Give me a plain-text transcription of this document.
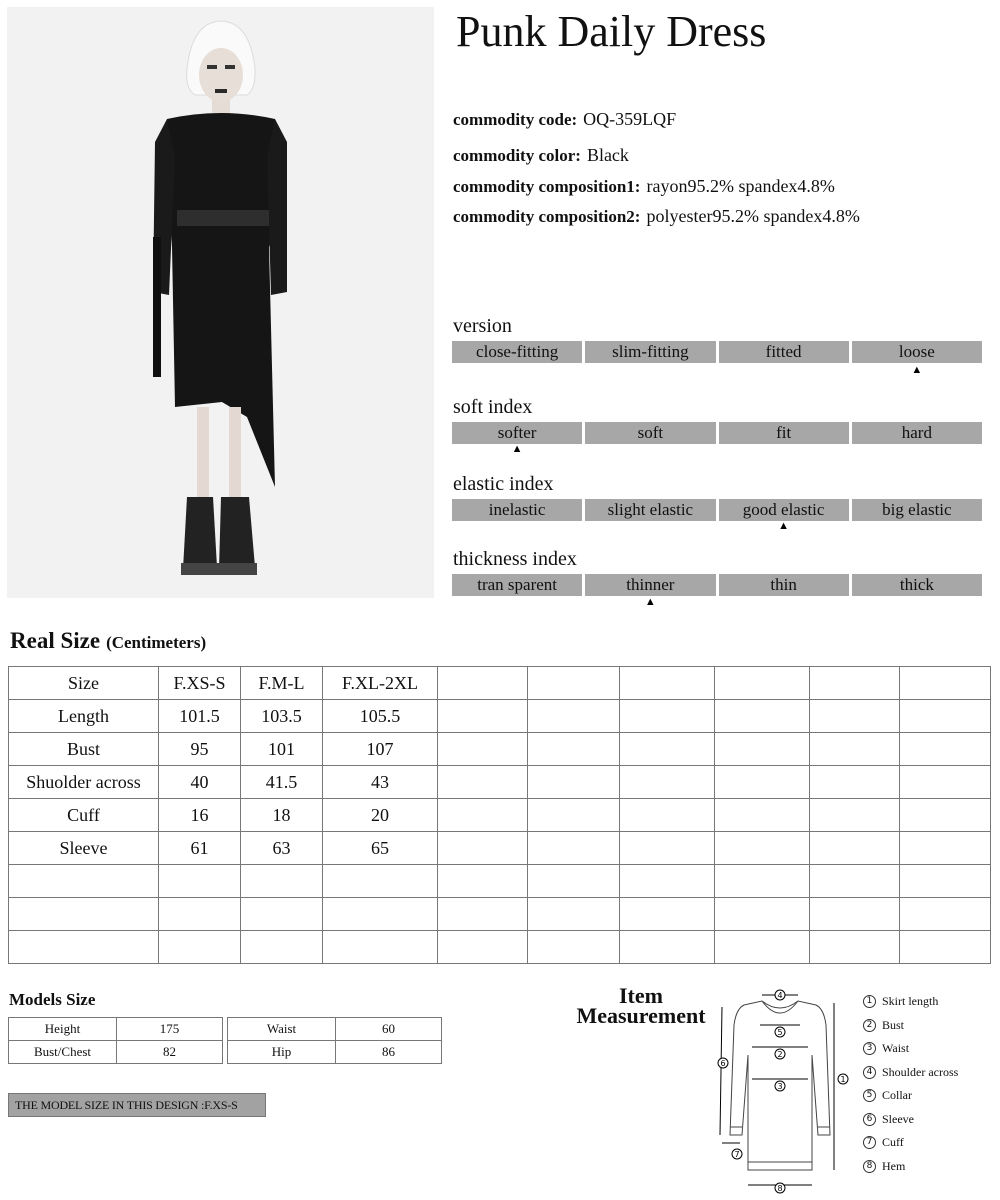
Punk Daily Dress
commodity code: OQ-359LQF
commodity color: Black
commodity composition1: rayon95.2% spandex4.8%
commodity composition2: polyester95.2% spandex4.8%
version
close-fitting	slim-fitting	fitted	loose
▲
soft index
softer	soft	fit	hard
▲
elastic index
inelastic	slight elastic	good elastic	big elastic
▲
thickness index
tran sparent	thinner	thin	thick
▲
Real Size (Centimeters)
Size	F.XS-S	F.M-L	F.XL-2XL						
Length	101.5	103.5	105.5						
Bust	95	101	107						
Shuolder across	40	41.5	43						
Cuff	16	18	20						
Sleeve	61	63	65						

Models Size
Height	175
Bust/Chest	82
Waist	60
Hip	86
THE MODEL SIZE IN THIS DESIGN :F.XS-S
Item
Measurement
4
5
2
3
8
1
6
7
1 Skirt length
2 Bust
3 Waist
4 Shoulder across
5 Collar
6 Sleeve
7 Cuff
8 Hem
